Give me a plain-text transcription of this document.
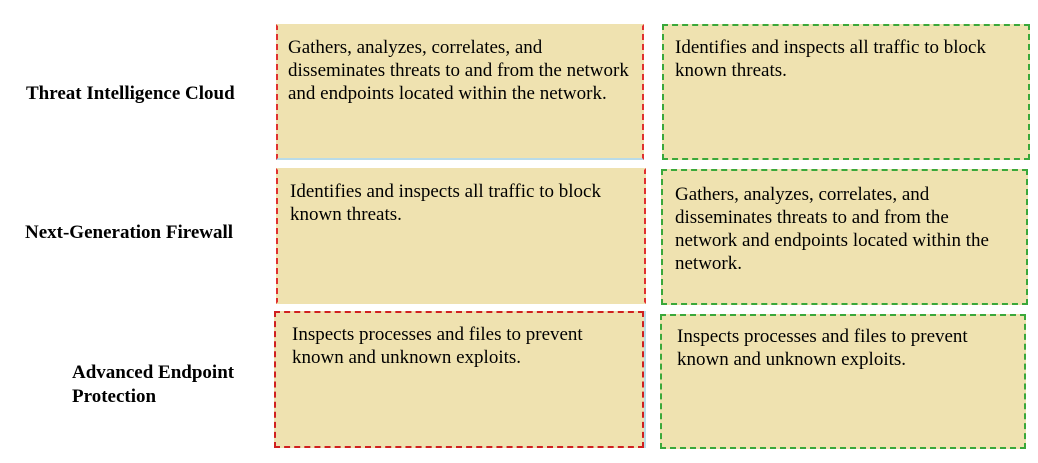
Threat Intelligence Cloud
Next-Generation Firewall
Advanced Endpoint Protection
Gathers, analyzes, correlates, and disseminates threats to and from the network and endpoints located within the network.
Identifies and inspects all traffic to block known threats.
Inspects processes and files to prevent known and unknown exploits.
Identifies and inspects all traffic to block known threats.
Gathers, analyzes, correlates, and disseminates threats to and from the network and endpoints located within the network.
Inspects processes and files to prevent known and unknown exploits.
